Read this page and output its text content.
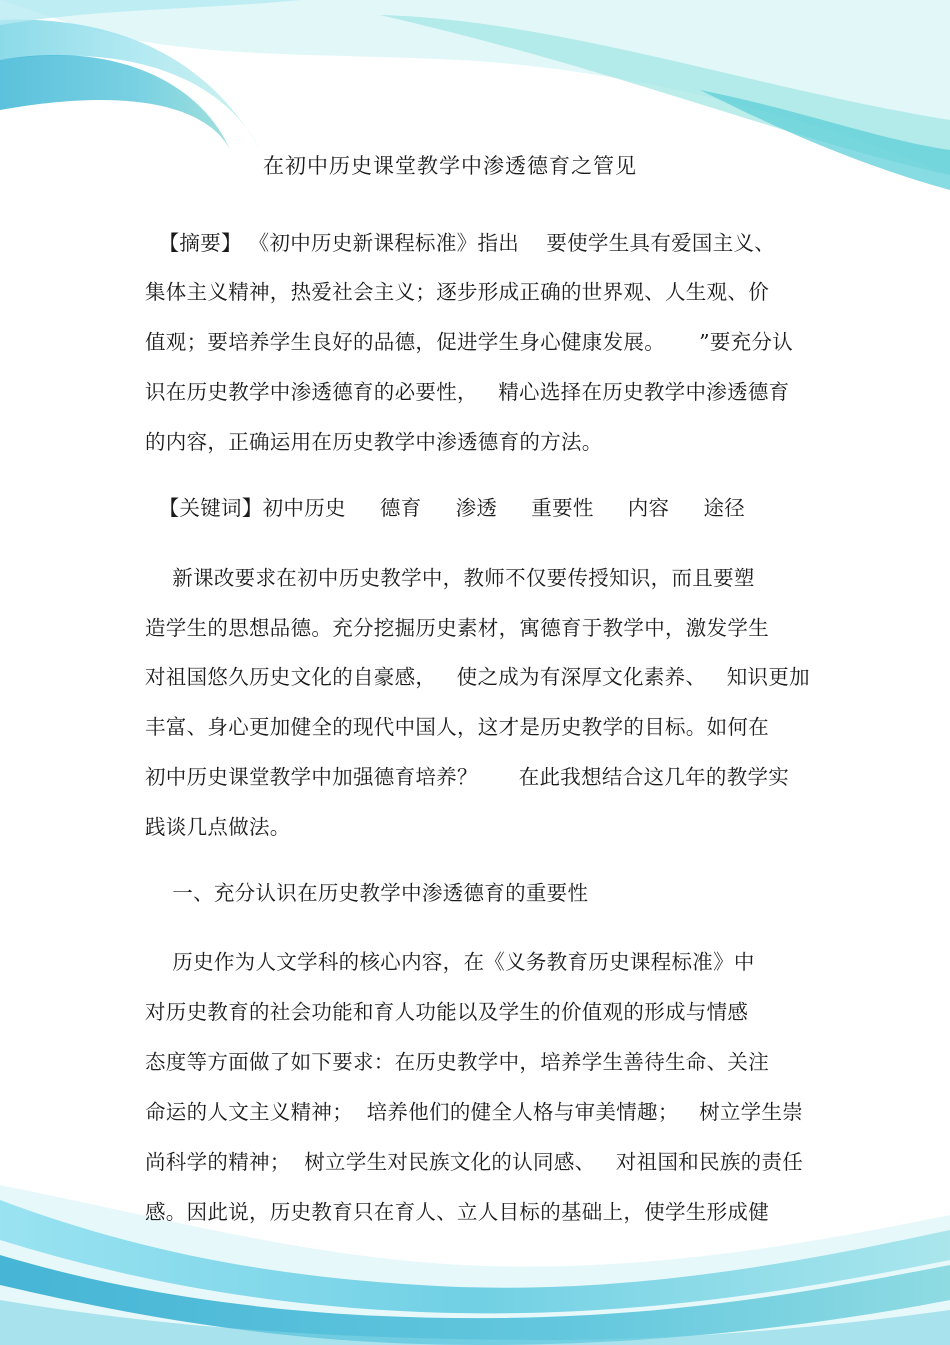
在初中历史课堂教学中渗透德育之管见
【摘要】 《初中历史新课程标准》指出    要使学生具有爱国主义、
集体主义精神，热爱社会主义；逐步形成正确的世界观、人生观、价
值观；要培养学生良好的品德，促进学生身心健康发展。     ”要充分认
识在历史教学中渗透德育的必要性，   精心选择在历史教学中渗透德育
的内容，正确运用在历史教学中渗透德育的方法。
【关键词】初中历史     德育     渗透     重要性     内容     途径
新课改要求在初中历史教学中，教师不仅要传授知识，而且要塑
造学生的思想品德。充分挖掘历史素材，寓德育于教学中，激发学生
对祖国悠久历史文化的自豪感，   使之成为有深厚文化素养、   知识更加
丰富、身心更加健全的现代中国人，这才是历史教学的目标。如何在
初中历史课堂教学中加强德育培养？      在此我想结合这几年的教学实
践谈几点做法。
一、充分认识在历史教学中渗透德育的重要性
历史作为人文学科的核心内容，在《义务教育历史课程标准》中
对历史教育的社会功能和育人功能以及学生的价值观的形成与情感
态度等方面做了如下要求：在历史教学中，培养学生善待生命、关注
命运的人文主义精神；  培养他们的健全人格与审美情趣；   树立学生崇
尚科学的精神；  树立学生对民族文化的认同感、   对祖国和民族的责任
感。因此说，历史教育只在育人、立人目标的基础上，使学生形成健
